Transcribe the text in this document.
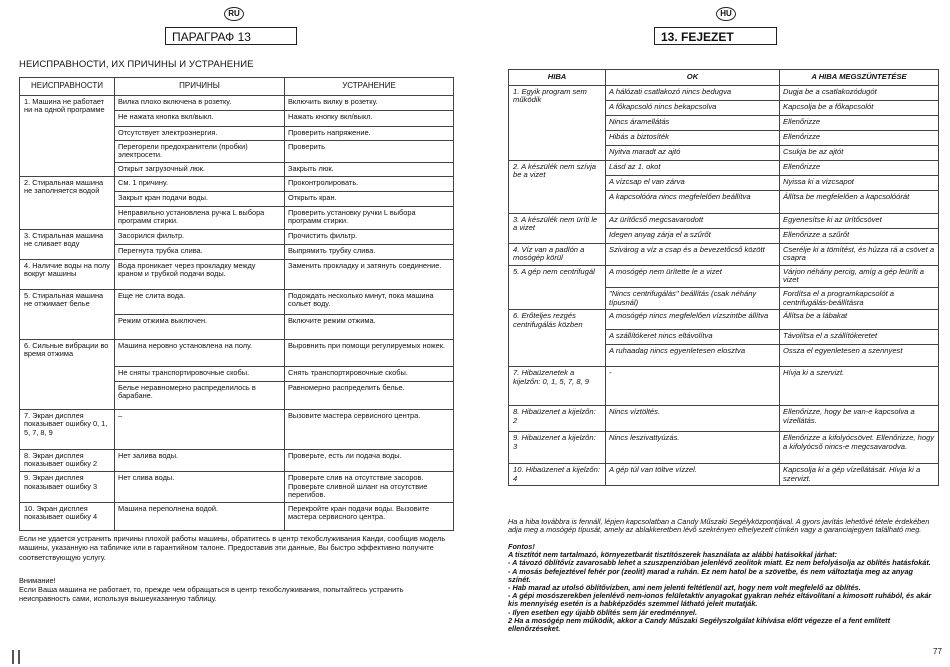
RU
ПАРАГРАФ 13
НЕИСПРАВНОСТИ, ИХ ПРИЧИНЫ И УСТРАНЕНИЕ
НЕИСПРАВНОСТИ	ПРИЧИНЫ	УСТРАНЕНИЕ
1. Машина не работает ни на одной программе	Вилка плохо включена в розетку.	Включить вилку в розетку.
	Не нажата кнопка вкл/выкл.	Нажать кнопку вкл/выкл.
	Отсутствует электроэнергия.	Проверить напряжение.
	Перегорели предохранители (пробки) электросети.	Проверить
	Открыт загрузочный люк.	Закрыть люк.
2. Стиральная машина не заполняется водой	См. 1 причину.	Проконтролировать.
	Закрыт кран подачи воды.	Открыть кран.
	Неправильно установлена ручка L выбора программ стирки.	Проверить установку ручки L выбора программ стирки.
3. Стиральная машина не сливает воду	Засорился фильтр.	Прочистить фильтр.
	Перегнута трубка слива.	Выпрямить трубку слива.
4. Наличие воды на полу вокруг машины	Вода проникает через прокладку между краном и трубкой подачи воды.	Заменить прокладку и затянуть соединение.
5. Стиральная машина не отжимает белье	Еще не слита вода.	Подождать несколько минут, пока машина сольет воду.
	Режим отжима выключен.	Включите режим отжима.
6. Сильные вибрации во время отжима	Машина неровно установлена на полу.	Выровнить при помощи регулируемых ножек.
	Не сняты транспортировочные скобы.	Снять транспортировочные скобы.
	Белье неравномерно распределилось в барабане.	Равномерно распределить белье.
7. Экран дисплея показывает ошибку 0, 1, 5, 7, 8, 9	–	Вызовите мастера сервисного центра.
8. Экран дисплея показывает ошибку 2	Нет залива воды.	Проверьте, есть ли подача воды.
9. Экран дисплея показывает ошибку 3	Нет слива воды.	Проверьте слив на отсутствие засоров. Проверьте сливной шланг на отсутствие перегибов.
10. Экран дисплея показывает ошибку 4	Машина переполнена водой.	Перекройте кран подачи воды. Вызовите мастера сервисного центра.
Если не удается устранить причины плохой работы машины, обратитесь в центр техобслуживания Канди, сообщив модель машины, указанную на табличке или в гарантийном талоне. Предоставив эти данные, Вы быстро эффективно получите соответствующую услугу.
Внимание!
Если Ваша машина не работает, то, прежде чем обращаться в центр техобслуживания, попытайтесь устранить неисправность сами, используя вышеуказанную таблицу.
HU
13. FEJEZET
HIBA	OK	A HIBA MEGSZÜNTETÉSE
1. Egyik program sem működik	A hálózati csatlakozó nincs bedugva	Dugja be a csatlakozódugót
	A főkapcsoló nincs bekapcsolva	Kapcsolja be a főkapcsolót
	Nincs áramellátás	Ellenőrizze
	Hibás a biztosíték	Ellenőrizze
	Nyitva maradt az ajtó	Csukja be az ajtót
2. A készülék nem szívja be a vizet	Lásd az 1. okot	Ellenőrizze
	A vízcsap el van zárva	Nyissa ki a vízcsapot
	A kapcsolóóra nincs megfelelően beállítva	Állítsa be megfelelően a kapcsolóórát
3. A készülék nem üríti le a vizet	Az ürítőcső megcsavarodott	Egyenesítse ki az ürítőcsövet
	Idegen anyag zárja el a szűrőt	Ellenőrizze a szűrőt
4. Víz van a padlón a mosógép körül	Szivárog a víz a csap és a bevezetőcső között	Cserélje ki a tömítést, és húzza rá a csövet a csapra
5. A gép nem centrifugál	A mosógép nem ürítette le a vizet	Várjon néhány percig, amíg a gép leüríti a vizet
	"Nincs centrifugálás" beállítás (csak néhány típusnál)	Fordítsa el a programkapcsolót a centrifugálás-beállításra
6. Erőteljes rezgés centrifugálás közben	A mosógép nincs megfelelően vízszintbe állítva	Állítsa be a lábakat
	A szállítókeret nincs eltávolítva	Távolítsa el a szállítókeretet
	A ruhaadag nincs egyenletesen elosztva	Ossza el egyenletesen a szennyest
7. Hibaüzenetek a kijelzőn: 0, 1, 5, 7, 8, 9	-	Hívja ki a szervizt.
8. Hibaüzenet a kijelzőn: 2	Nincs víztöltés.	Ellenőrizze, hogy be van-e kapcsolva a vízellátás.
9. Hibaüzenet a kijelzőn: 3	Nincs leszivattyúzás.	Ellenőrizze a kifolyócsövet. Ellenőrizze, hogy a kifolyócső nincs-e megcsavarodva.
10. Hibaüzenet a kijelzőn: 4	A gép túl van töltve vízzel.	Kapcsolja ki a gép vízellátását. Hívja ki a szervizt.
Ha a hiba továbbra is fennáll, lépjen kapcsolatban a Candy Műszaki Segélyközpontjával. A gyors javítás lehetővé tétele érdekében adja meg a mosógép típusát, amely az ablakkeretben lévő szekrényen elhelyezett címkén vagy a garanciajegyen található meg.
Fontos!
A tisztítót nem tartalmazó, környezetbarát tisztítószerek használata az alábbi hatásokkal járhat:
- A távozó öblítővíz zavarosabb lehet a szuszpenzióban jelenlévő zeolitok miatt. Ez nem befolyásolja az öblítés hatásfokát.
- A mosás befejeztével fehér por (zeolit) marad a ruhán. Ez nem hatol be a szövetbe, és nem változtatja meg az anyag színét.
- Hab marad az utolsó öblítővízben, ami nem jelenti feltétlenül azt, hogy nem volt megfelelő az öblítés.
- A gépi mosószerekben jelenlévő nem-ionos felületaktív anyagokat gyakran nehéz eltávolítani a kimosott ruhából, és akár kis mennyiség esetén is a habképződés szemmel látható jeleit mutatják.
- Ilyen esetben egy újabb öblítés sem jár eredménnyel.
2 Ha a mosógép nem működik, akkor a Candy Műszaki Segélyszolgálat kihívása előtt végezze el a fent említett ellenőrzéseket.
77
